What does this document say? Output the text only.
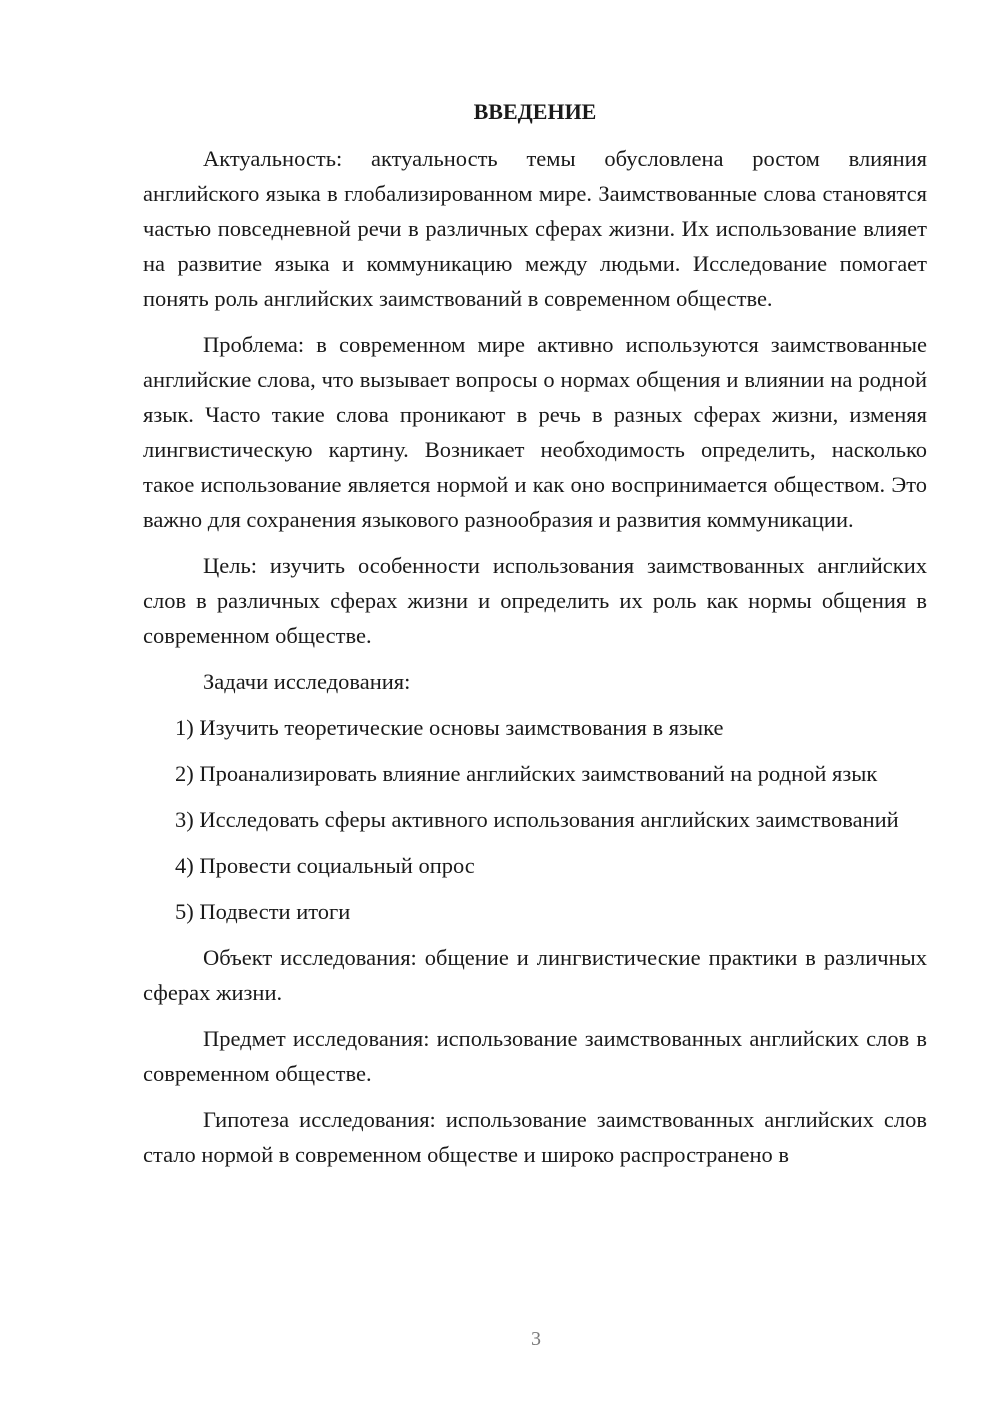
ВВЕДЕНИЕ

Актуальность: актуальность темы обусловлена ростом влияния английского языка в глобализированном мире. Заимствованные слова становятся частью повседневной речи в различных сферах жизни. Их использование влияет на развитие языка и коммуникацию между людьми. Исследование помогает понять роль английских заимствований в современном обществе.

Проблема: в современном мире активно используются заимствованные английские слова, что вызывает вопросы о нормах общения и влиянии на родной язык. Часто такие слова проникают в речь в разных сферах жизни, изменяя лингвистическую картину. Возникает необходимость определить, насколько такое использование является нормой и как оно воспринимается обществом. Это важно для сохранения языкового разнообразия и развития коммуникации.

Цель: изучить особенности использования заимствованных английских слов в различных сферах жизни и определить их роль как нормы общения в современном обществе.

Задачи исследования:

1) Изучить теоретические основы заимствования в языке

2) Проанализировать влияние английских заимствований на родной язык

3) Исследовать сферы активного использования английских заимствований

4) Провести социальный опрос

5) Подвести итоги

Объект исследования: общение и лингвистические практики в различных сферах жизни.

Предмет исследования: использование заимствованных английских слов в современном обществе.

Гипотеза исследования: использование заимствованных английских слов стало нормой в современном обществе и широко распространено в

3
